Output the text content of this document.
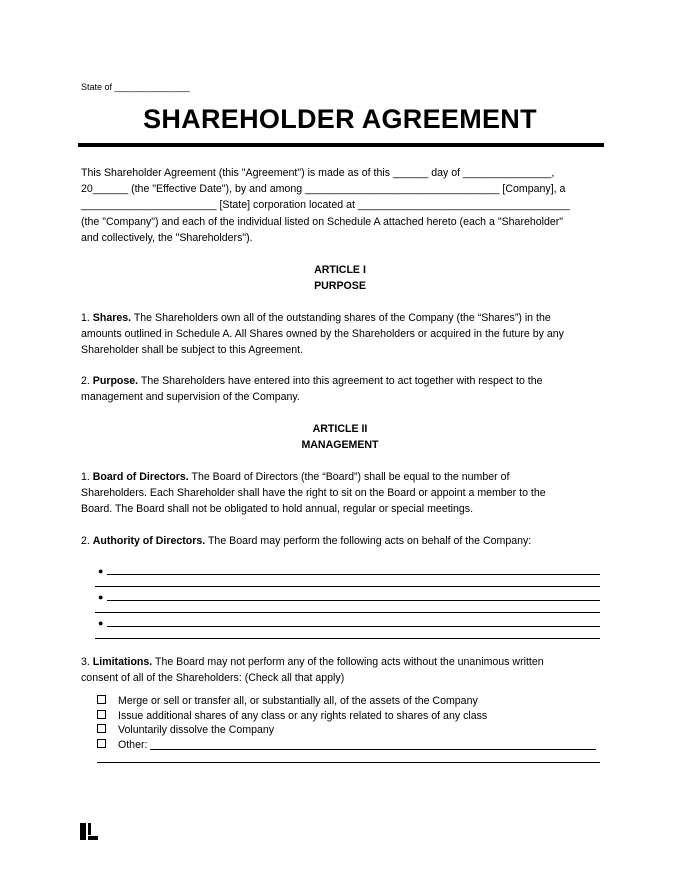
State of _______________
SHAREHOLDER AGREEMENT
This Shareholder Agreement (this "Agreement") is made as of this ______ day of _______________,
20______ (the "Effective Date"), by and among _________________________________ [Company], a
_______________________ [State] corporation located at ____________________________________
(the "Company") and each of the individual listed on Schedule A attached hereto (each a "Shareholder"
and collectively, the "Shareholders").
ARTICLE I
PURPOSE
1. Shares. The Shareholders own all of the outstanding shares of the Company (the “Shares”) in the
amounts outlined in Schedule A. All Shares owned by the Shareholders or acquired in the future by any
Shareholder shall be subject to this Agreement.
2. Purpose. The Shareholders have entered into this agreement to act together with respect to the
management and supervision of the Company.
ARTICLE II
MANAGEMENT
1. Board of Directors. The Board of Directors (the “Board”) shall be equal to the number of
Shareholders. Each Shareholder shall have the right to sit on the Board or appoint a member to the
Board. The Board shall not be obligated to hold annual, regular or special meetings.
2. Authority of Directors. The Board may perform the following acts on behalf of the Company:
●
●
●
3. Limitations. The Board may not perform any of the following acts without the unanimous written
consent of all of the Shareholders: (Check all that apply)
Merge or sell or transfer all, or substantially all, of the assets of the Company
Issue additional shares of any class or any rights related to shares of any class
Voluntarily dissolve the Company
Other:
